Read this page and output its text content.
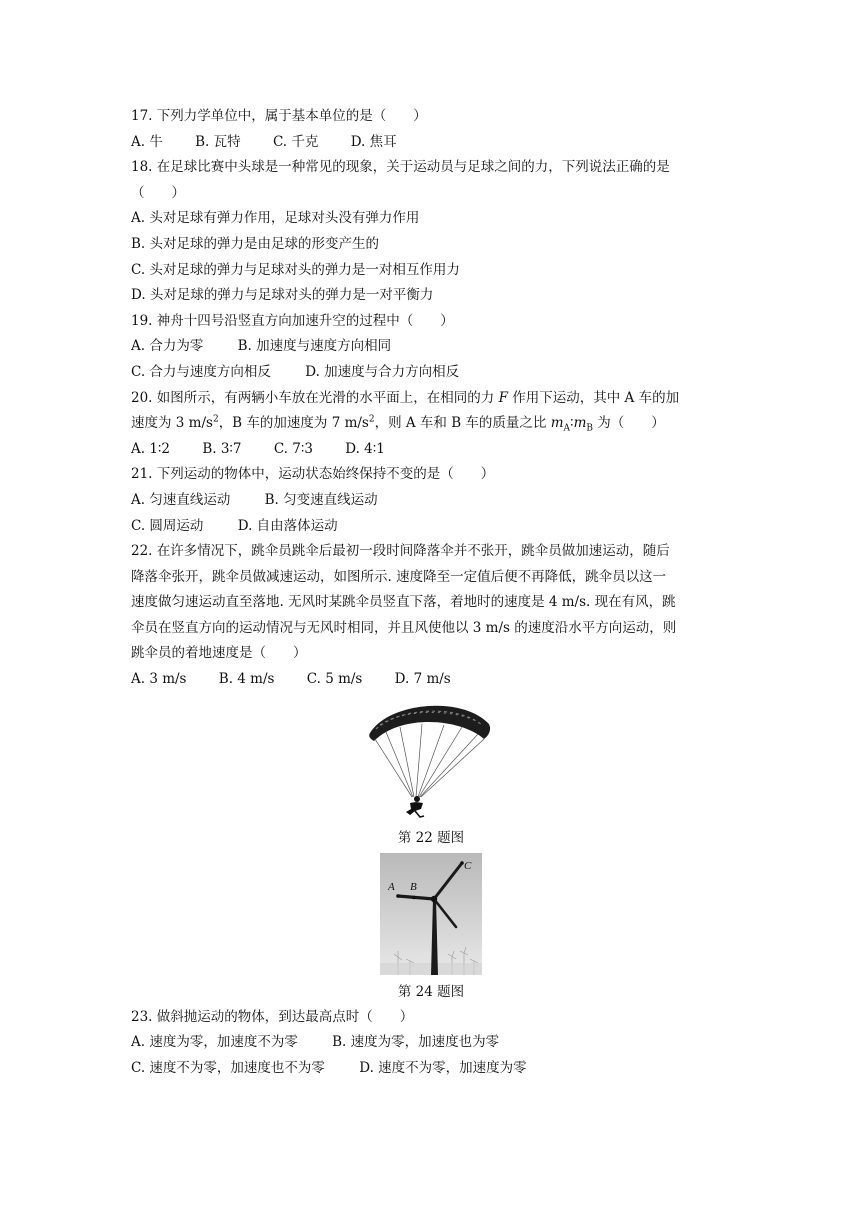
17. 下列力学单位中，属于基本单位的是（　　）
A. 牛 B. 瓦特 C. 千克 D. 焦耳
18. 在足球比赛中头球是一种常见的现象，关于运动员与足球之间的力，下列说法正确的是
（　　）
A. 头对足球有弹力作用，足球对头没有弹力作用
B. 头对足球的弹力是由足球的形变产生的
C. 头对足球的弹力与足球对头的弹力是一对相互作用力
D. 头对足球的弹力与足球对头的弹力是一对平衡力
19. 神舟十四号沿竖直方向加速升空的过程中（　　）
A. 合力为零	B. 加速度与速度方向相同
C. 合力与速度方向相反	D. 加速度与合力方向相反
20. 如图所示，有两辆小车放在光滑的水平面上，在相同的力 F 作用下运动，其中 A 车的加
速度为 3 $m/s^2$，B 车的加速度为 7 $m/s^2$，则 A 车和 B 车的质量之比 $m_A∶m_B$ 为（　　）
A. 1∶2 B. 3∶7 C. 7∶3 D. 4∶1
21. 下列运动的物体中，运动状态始终保持不变的是（　　）
A. 匀速直线运动	B. 匀变速直线运动
C. 圆周运动	D. 自由落体运动
22. 在许多情况下，跳伞员跳伞后最初一段时间降落伞并不张开，跳伞员做加速运动，随后
降落伞张开，跳伞员做减速运动，如图所示. 速度降至一定值后便不再降低，跳伞员以这一
速度做匀速运动直至落地. 无风时某跳伞员竖直下落，着地时的速度是 4 m/s. 现在有风，跳
伞员在竖直方向的运动情况与无风时相同，并且风使他以 3 m/s 的速度沿水平方向运动，则
跳伞员的着地速度是（　　）
A. 3 m/s B. 4 m/s C. 5 m/s D. 7 m/s
第 22 题图
A B
C
第 24 题图
23. 做斜抛运动的物体，到达最高点时（　　）
A. 速度为零，加速度不为零	B. 速度为零，加速度也为零
C. 速度不为零，加速度也不为零	D. 速度不为零，加速度为零
